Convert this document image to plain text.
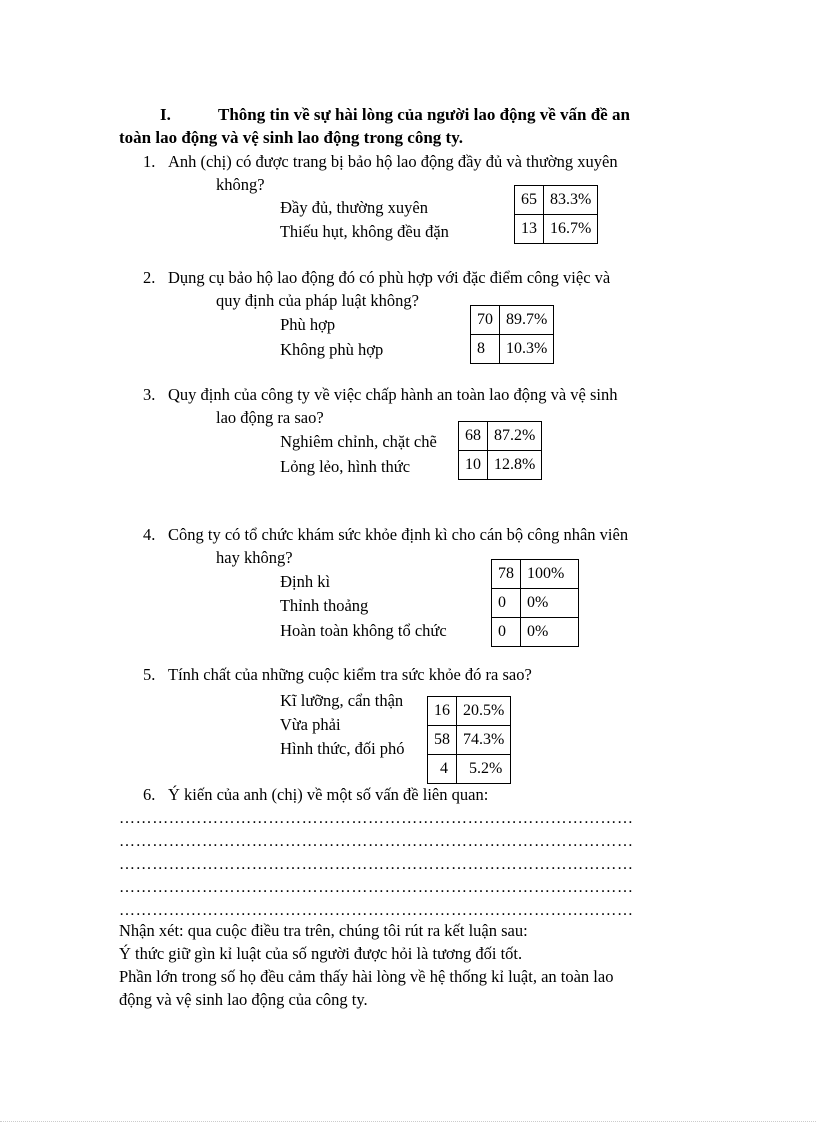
I.	Thông tin về sự hài lòng của người lao động về vấn đề an
toàn lao động và vệ sinh lao động trong công ty.
1. Anh (chị) có được trang bị bảo hộ lao động đầy đủ và thường xuyên
không?
Đầy đủ, thường xuyên
Thiếu hụt, không đều đặn
65	83.3%
13	16.7%
2. Dụng cụ bảo hộ lao động đó có phù hợp với đặc điểm công việc và
quy định của pháp luật không?
Phù hợp
Không phù hợp
70	89.7%
8	10.3%
3. Quy định của công ty về việc chấp hành an toàn lao động và vệ sinh
lao động ra sao?
Nghiêm chỉnh, chặt chẽ
Lỏng lẻo, hình thức
68	87.2%
10	12.8%
4. Công ty có tổ chức khám sức khỏe định kì cho cán bộ công nhân viên
hay không?
Định kì
Thỉnh thoảng
Hoàn toàn không tổ chức
78	100%
0	0%
0	0%
5. Tính chất của những cuộc kiểm tra sức khỏe đó ra sao?
Kĩ lưỡng, cẩn thận
Vừa phải
Hình thức, đối phó
16	20.5%
58	74.3%
4	5.2%
6. Ý kiến của anh (chị) về một số vấn đề liên quan:
…………………………………………………………………………………
…………………………………………………………………………………
…………………………………………………………………………………
…………………………………………………………………………………
…………………………………………………………………………………
Nhận xét: qua cuộc điều tra trên, chúng tôi rút ra kết luận sau:
Ý thức giữ gìn kỉ luật của số người được hỏi là tương đối tốt.
Phần lớn trong số họ đều cảm thấy hài lòng về hệ thống kỉ luật, an toàn lao
động và vệ sinh lao động của công ty.
